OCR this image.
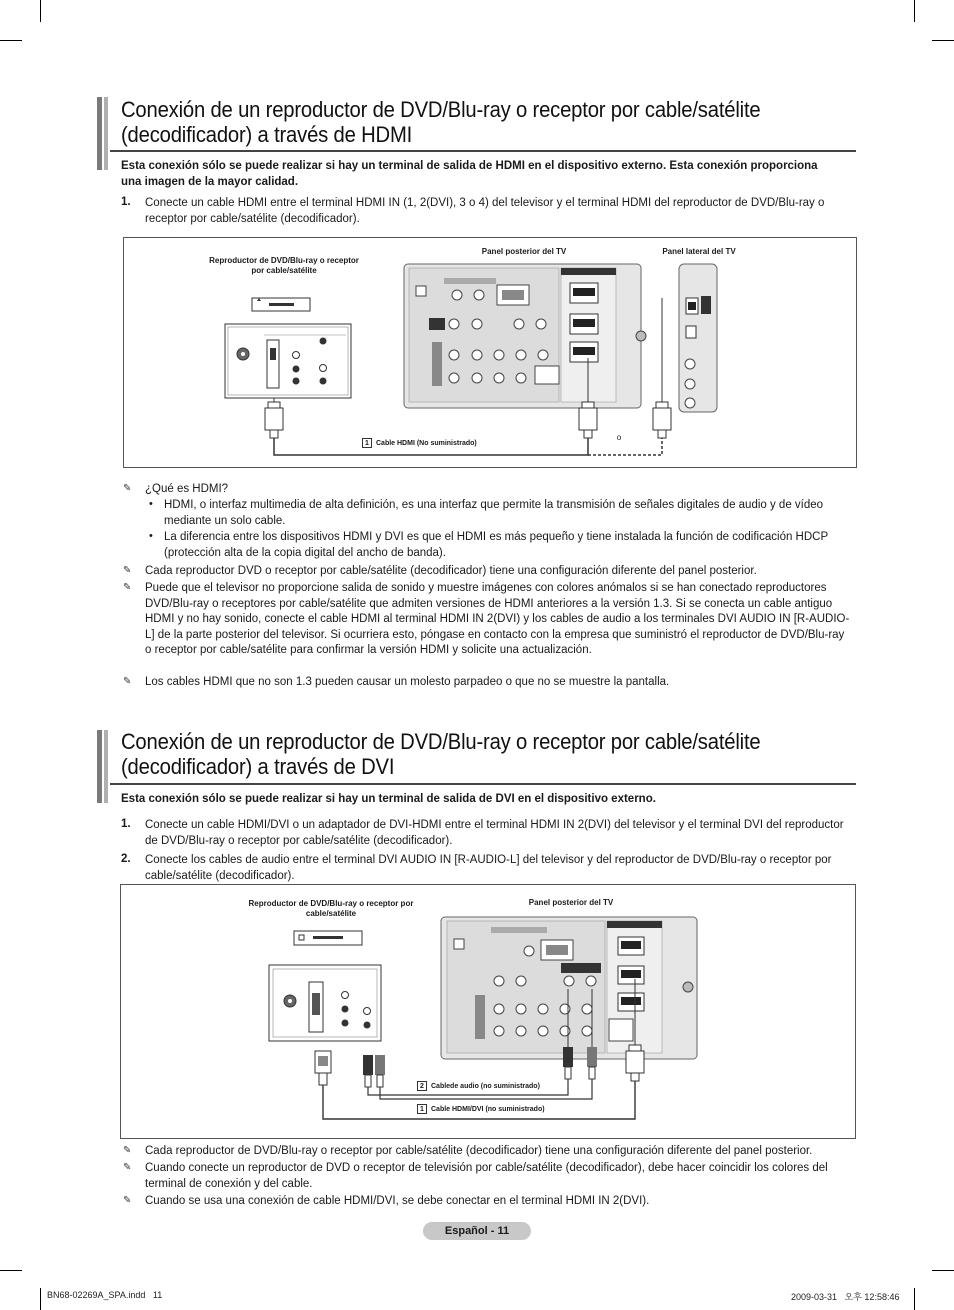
Conexión de un reproductor de DVD/Blu-ray o receptor por cable/satélite
(decodificador) a través de HDMI
Esta conexión sólo se puede realizar si hay un terminal de salida de HDMI en el dispositivo externo. Esta conexión proporciona una imagen de la mayor calidad.
1. Conecte un cable HDMI entre el terminal HDMI IN (1, 2(DVI), 3 o 4) del televisor y el terminal HDMI del reproductor de DVD/Blu-ray o receptor por cable/satélite (decodificador).
Reproductor de DVD/Blu-ray o receptor por cable/satélite
Panel posterior del TV	Panel lateral del TV
1	Cable HDMI (No suministrado)
o
✎ ¿Qué es HDMI?
• HDMI, o interfaz multimedia de alta definición, es una interfaz que permite la transmisión de señales digitales de audio y de vídeo mediante un solo cable.
• La diferencia entre los dispositivos HDMI y DVI es que el HDMI es más pequeño y tiene instalada la función de codificación HDCP (protección alta de la copia digital del ancho de banda).
✎ Cada reproductor DVD o receptor por cable/satélite (decodificador) tiene una configuración diferente del panel posterior.
✎ Puede que el televisor no proporcione salida de sonido y muestre imágenes con colores anómalos si se han conectado reproductores DVD/Blu-ray o receptores por cable/satélite que admiten versiones de HDMI anteriores a la versión 1.3. Si se conecta un cable antiguo HDMI y no hay sonido, conecte el cable HDMI al terminal HDMI IN 2(DVI) y los cables de audio a los terminales DVI AUDIO IN [R-AUDIO-L] de la parte posterior del televisor. Si ocurriera esto, póngase en contacto con la empresa que suministró el reproductor de DVD/Blu-ray o receptor por cable/satélite para confirmar la versión HDMI y solicite una actualización.
✎ Los cables HDMI que no son 1.3 pueden causar un molesto parpadeo o que no se muestre la pantalla.
Conexión de un reproductor de DVD/Blu-ray o receptor por cable/satélite
(decodificador) a través de DVI
Esta conexión sólo se puede realizar si hay un terminal de salida de DVI en el dispositivo externo.
1. Conecte un cable HDMI/DVI o un adaptador de DVI-HDMI entre el terminal HDMI IN 2(DVI) del televisor y el terminal DVI del reproductor de DVD/Blu-ray o receptor por cable/satélite (decodificador).
2. Conecte los cables de audio entre el terminal DVI AUDIO IN [R-AUDIO-L] del televisor y del reproductor de DVD/Blu-ray o receptor por cable/satélite (decodificador).
Reproductor de DVD/Blu-ray o receptor por cable/satélite
Panel posterior del TV
2	Cablede audio (no suministrado)
1	Cable HDMI/DVI (no suministrado)
✎ Cada reproductor de DVD/Blu-ray o receptor por cable/satélite (decodificador) tiene una configuración diferente del panel posterior.
✎ Cuando conecte un reproductor de DVD o receptor de televisión por cable/satélite (decodificador), debe hacer coincidir los colores del terminal de conexión y del cable.
✎ Cuando se usa una conexión de cable HDMI/DVI, se debe conectar en el terminal HDMI IN 2(DVI).
Español - 11
BN68-02269A_SPA.indd   11	2009-03-31   오후 12:58:46
